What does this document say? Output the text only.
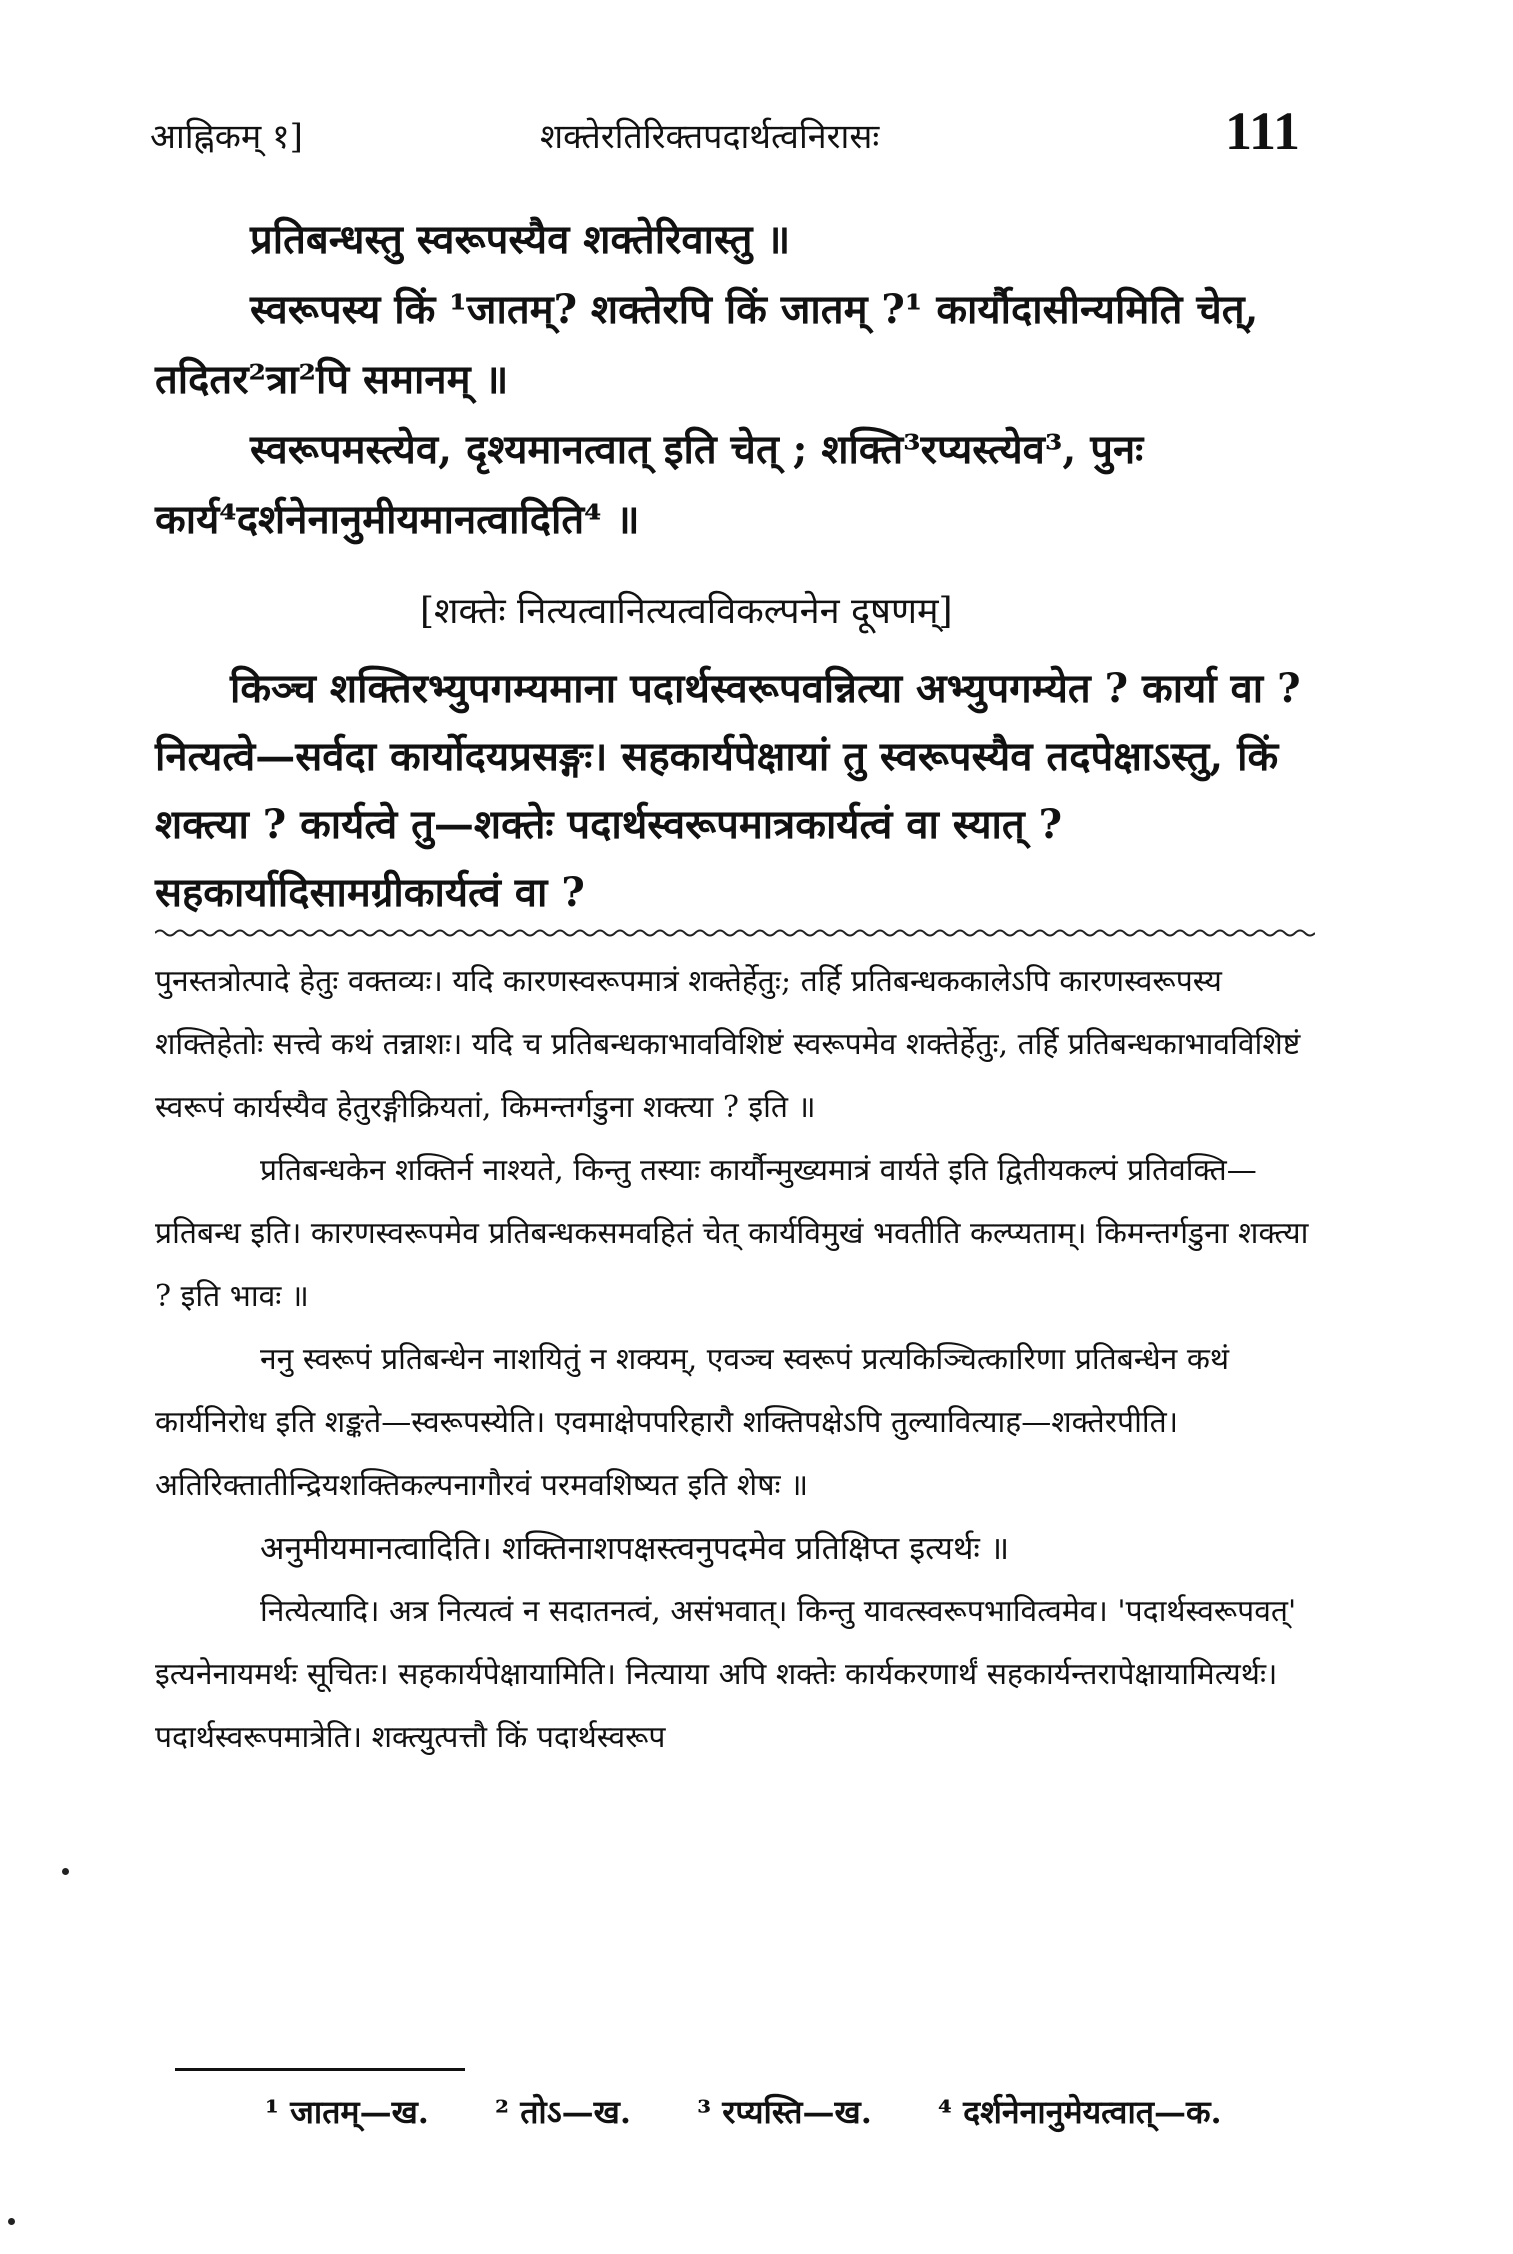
आह्निकम् १]	शक्तेरतिरिक्तपदार्थत्वनिरासः	111

प्रतिबन्धस्तु स्वरूपस्यैव शक्तेरिवास्तु ॥

स्वरूपस्य किं ¹जातम्? शक्तेरपि किं जातम् ?¹ कार्यौदासीन्यमिति चेत्, तदितर²त्रा²पि समानम् ॥

स्वरूपमस्त्येव, दृश्यमानत्वात् इति चेत् ; शक्ति³रप्यस्त्येव³, पुनः कार्य⁴दर्शनेनानुमीयमानत्वादिति⁴ ॥

[शक्तेः नित्यत्वानित्यत्वविकल्पनेन दूषणम्]

किञ्च शक्तिरभ्युपगम्यमाना पदार्थस्वरूपवन्नित्या अभ्युपगम्येत ? कार्या वा ? नित्यत्वे—सर्वदा कार्योदयप्रसङ्गः। सहकार्यपेक्षायां तु स्वरूपस्यैव तदपेक्षाऽस्तु, किं शक्त्या ? कार्यत्वे तु—शक्तेः पदार्थस्वरूपमात्रकार्यत्वं वा स्यात् ? सहकार्यादिसामग्रीकार्यत्वं वा ?

पुनस्तत्रोत्पादे हेतुः वक्तव्यः। यदि कारणस्वरूपमात्रं शक्तेर्हेतुः; तर्हि प्रतिबन्धककालेऽपि कारणस्वरूपस्य शक्तिहेतोः सत्त्वे कथं तन्नाशः। यदि च प्रतिबन्धकाभावविशिष्टं स्वरूपमेव शक्तेर्हेतुः, तर्हि प्रतिबन्धकाभावविशिष्टं स्वरूपं कार्यस्यैव हेतुरङ्गीक्रियतां, किमन्तर्गडुना शक्त्या ? इति ॥

प्रतिबन्धकेन शक्तिर्न नाश्यते, किन्तु तस्याः कार्यौन्मुख्यमात्रं वार्यते इति द्वितीयकल्पं प्रतिवक्ति—प्रतिबन्ध इति। कारणस्वरूपमेव प्रतिबन्धकसमवहितं चेत् कार्यविमुखं भवतीति कल्प्यताम्। किमन्तर्गडुना शक्त्या ? इति भावः ॥

ननु स्वरूपं प्रतिबन्धेन नाशयितुं न शक्यम्, एवञ्च स्वरूपं प्रत्यकिञ्चित्कारिणा प्रतिबन्धेन कथं कार्यनिरोध इति शङ्कते—स्वरूपस्येति। एवमाक्षेपपरिहारौ शक्तिपक्षेऽपि तुल्यावित्याह—शक्तेरपीति। अतिरिक्तातीन्द्रियशक्तिकल्पनागौरवं परमवशिष्यत इति शेषः ॥

अनुमीयमानत्वादिति। शक्तिनाशपक्षस्त्वनुपदमेव प्रतिक्षिप्त इत्यर्थः ॥

नित्येत्यादि। अत्र नित्यत्वं न सदातनत्वं, असंभवात्। किन्तु यावत्स्वरूपभावित्वमेव। 'पदार्थस्वरूपवत्' इत्यनेनायमर्थः सूचितः। सहकार्यपेक्षायामिति। नित्याया अपि शक्तेः कार्यकरणार्थं सहकार्यन्तरापेक्षायामित्यर्थः। पदार्थस्वरूपमात्रेति। शक्त्युत्पत्तौ किं पदार्थस्वरूप

¹ जातम्—ख. ² तोऽ—ख. ³ रप्यस्ति—ख. ⁴ दर्शनेनानुमेयत्वात्—क.
